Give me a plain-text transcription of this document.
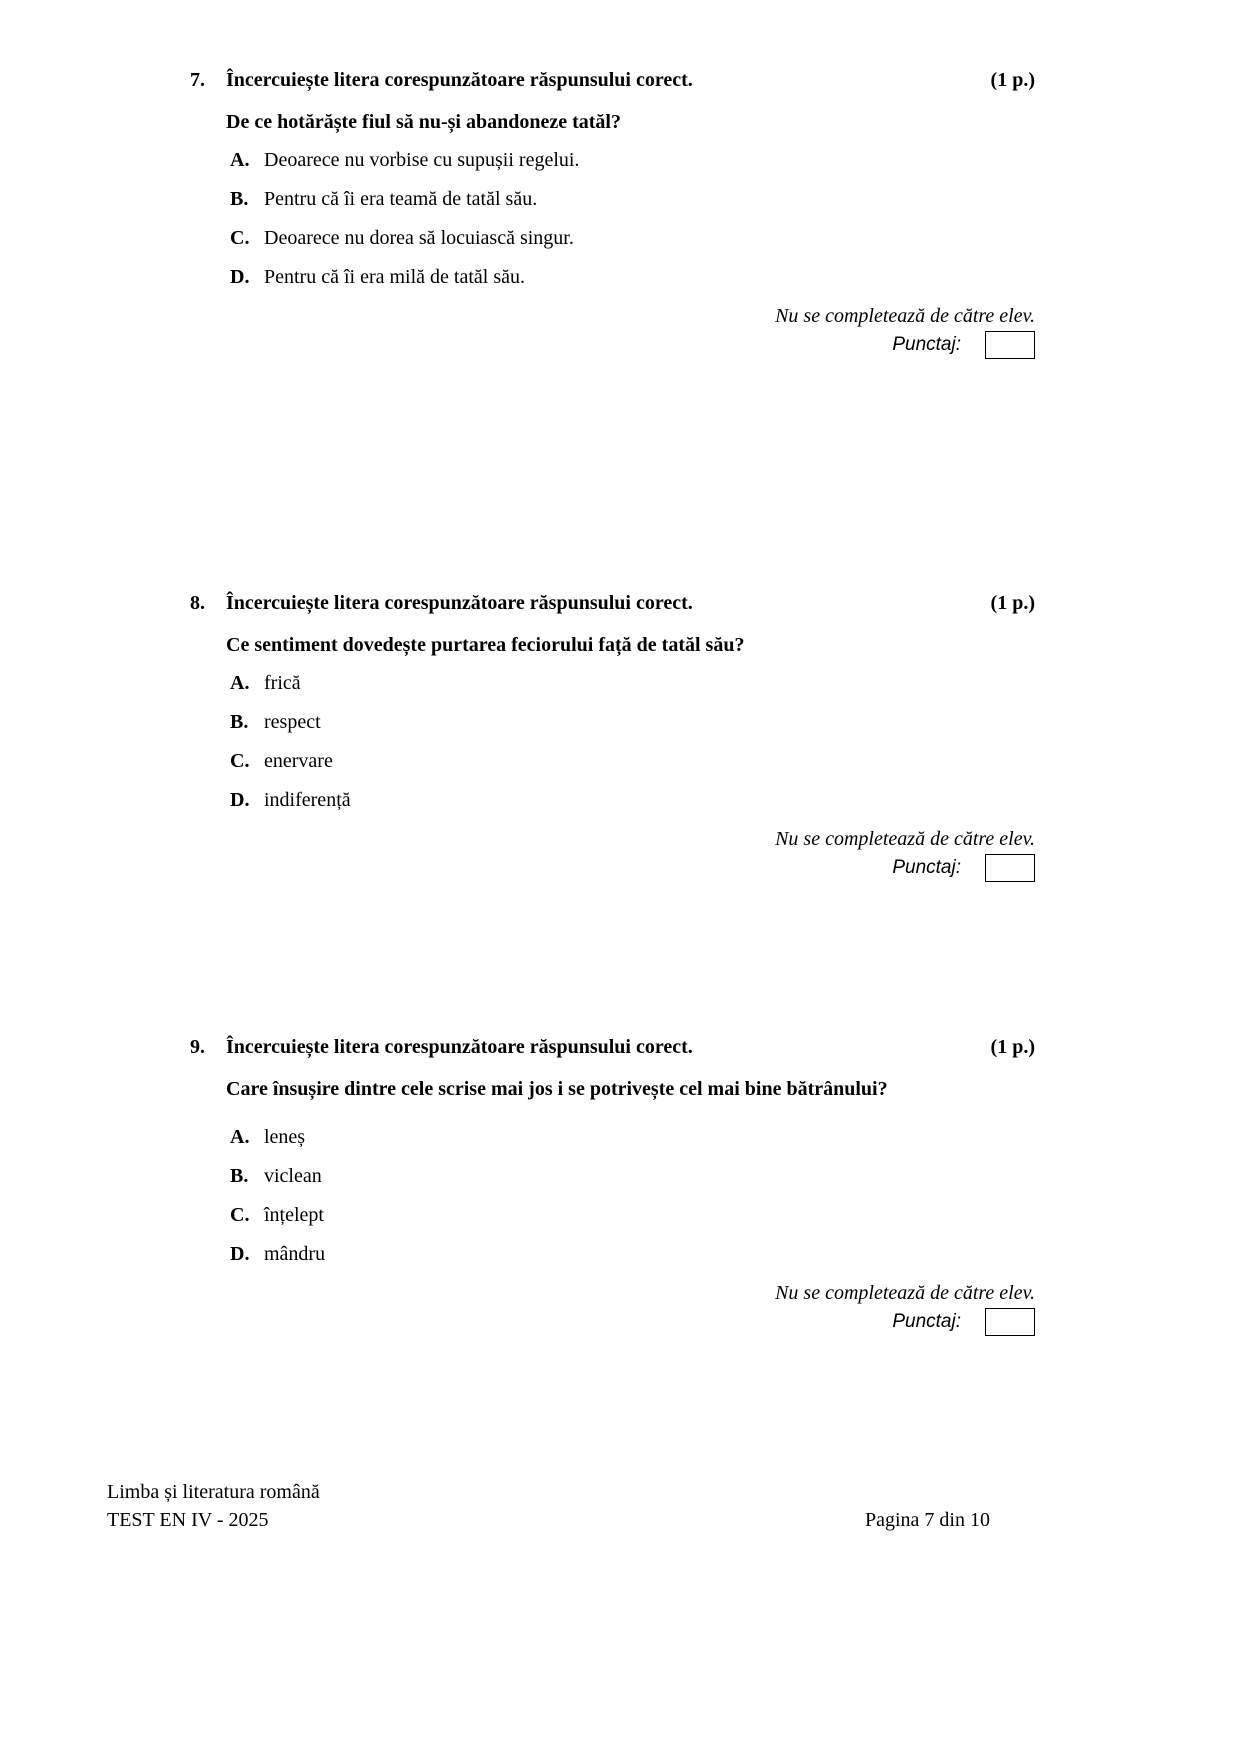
7.	Încercuiește litera corespunzătoare răspunsului corect.	(1 p.)
De ce hotărăște fiul să nu-și abandoneze tatăl?
A. Deoarece nu vorbise cu supușii regelui.
B. Pentru că îi era teamă de tatăl său.
C. Deoarece nu dorea să locuiască singur.
D. Pentru că îi era milă de tatăl său.
Nu se completează de către elev.
Punctaj:
8.	Încercuiește litera corespunzătoare răspunsului corect.	(1 p.)
Ce sentiment dovedește purtarea feciorului față de tatăl său?
A. frică
B. respect
C. enervare
D. indiferență
Nu se completează de către elev.
Punctaj:
9.	Încercuiește litera corespunzătoare răspunsului corect.	(1 p.)
Care însușire dintre cele scrise mai jos i se potrivește cel mai bine bătrânului?
A. leneș
B. viclean
C. înțelept
D. mândru
Nu se completează de către elev.
Punctaj:
Limba și literatura română
TEST EN IV - 2025	Pagina 7 din 10
